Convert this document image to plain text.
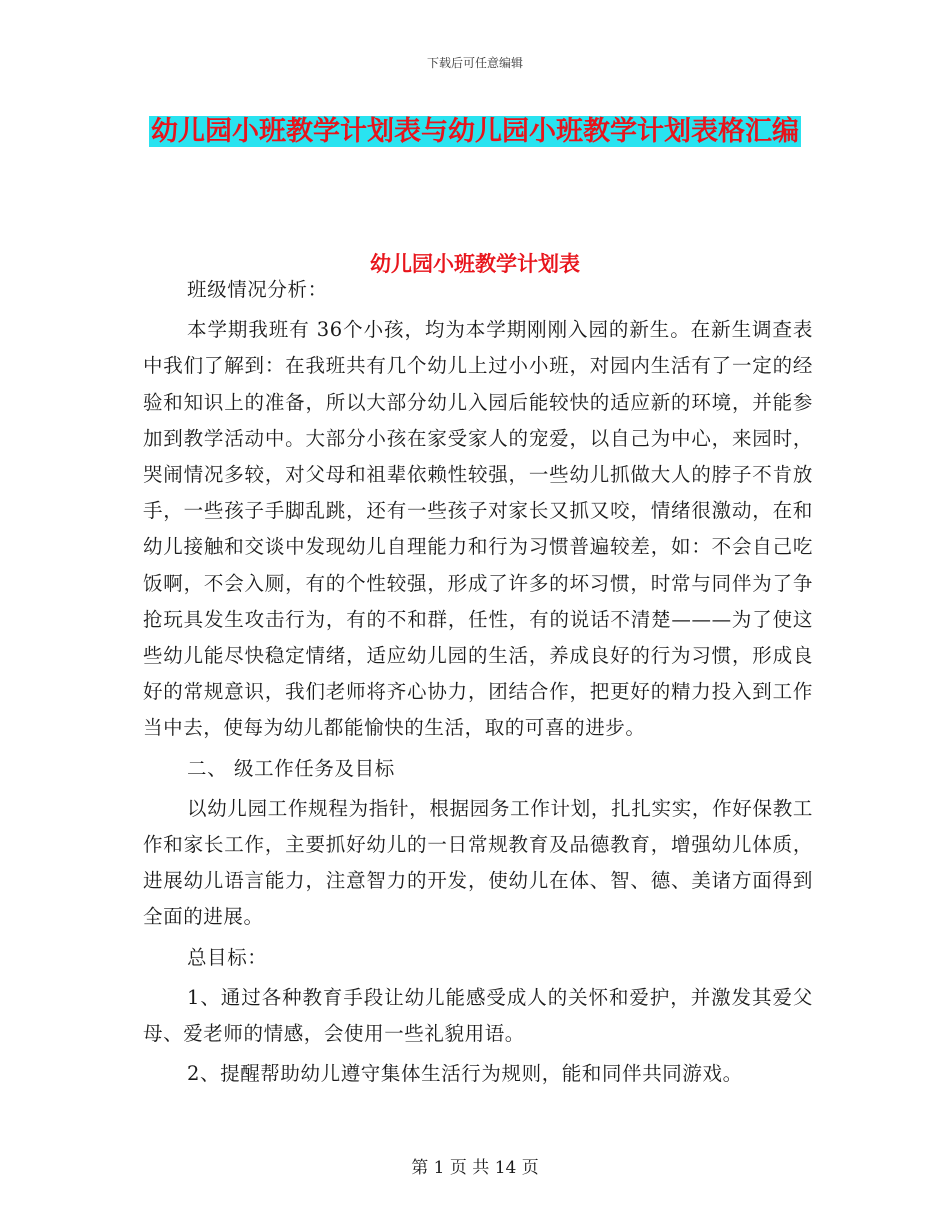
下载后可任意编辑
幼儿园小班教学计划表与幼儿园小班教学计划表格汇编
幼儿园小班教学计划表

班级情况分析：

本学期我班有 36个小孩，均为本学期刚刚入园的新生。在新生调查表中我们了解到：在我班共有几个幼儿上过小小班，对园内生活有了一定的经验和知识上的准备，所以大部分幼儿入园后能较快的适应新的环境，并能参加到教学活动中。大部分小孩在家受家人的宠爱，以自己为中心，来园时，哭闹情况多较，对父母和祖辈依赖性较强，一些幼儿抓做大人的脖子不肯放手，一些孩子手脚乱跳，还有一些孩子对家长又抓又咬，情绪很激动，在和幼儿接触和交谈中发现幼儿自理能力和行为习惯普遍较差，如：不会自己吃饭啊，不会入厕，有的个性较强，形成了许多的坏习惯，时常与同伴为了争抢玩具发生攻击行为，有的不和群，任性，有的说话不清楚———为了使这些幼儿能尽快稳定情绪，适应幼儿园的生活，养成良好的行为习惯，形成良好的常规意识，我们老师将齐心协力，团结合作，把更好的精力投入到工作当中去，使每为幼儿都能愉快的生活，取的可喜的进步。

二、 级工作任务及目标

以幼儿园工作规程为指针，根据园务工作计划，扎扎实实，作好保教工作和家长工作，主要抓好幼儿的一日常规教育及品德教育，增强幼儿体质，进展幼儿语言能力，注意智力的开发，使幼儿在体、智、德、美诸方面得到全面的进展。

总目标：

1、通过各种教育手段让幼儿能感受成人的关怀和爱护，并激发其爱父母、爱老师的情感，会使用一些礼貌用语。

2、提醒帮助幼儿遵守集体生活行为规则，能和同伴共同游戏。

第 1 页 共 14 页
